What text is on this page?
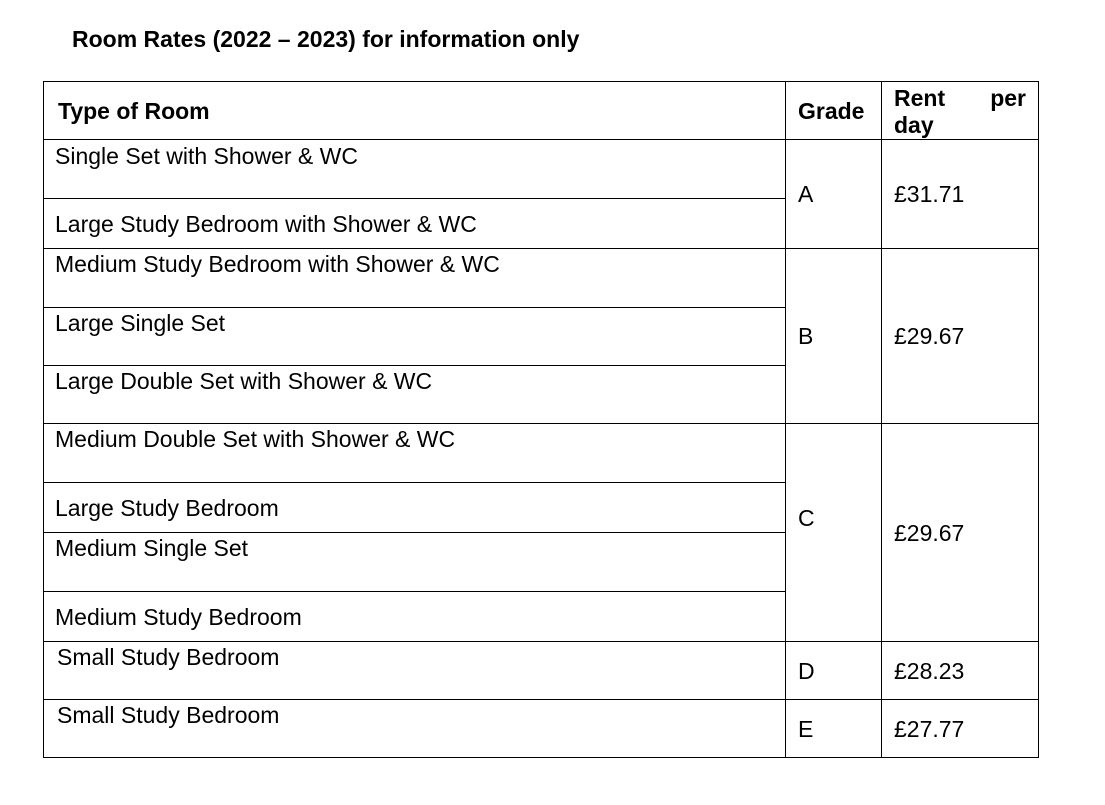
Room Rates (2022 – 2023) for information only
Type of Room	Grade Rent per
day
Single Set with Shower & WC
Large Study Bedroom with Shower & WC
Medium Study Bedroom with Shower & WC
Large Single Set
Large Double Set with Shower & WC
Medium Double Set with Shower & WC
Large Study Bedroom
Medium Single Set
Medium Study Bedroom
Small Study Bedroom
Small Study Bedroom
A
B
C
D
E
£31.71
£29.67
£29.67
£28.23
£27.77
